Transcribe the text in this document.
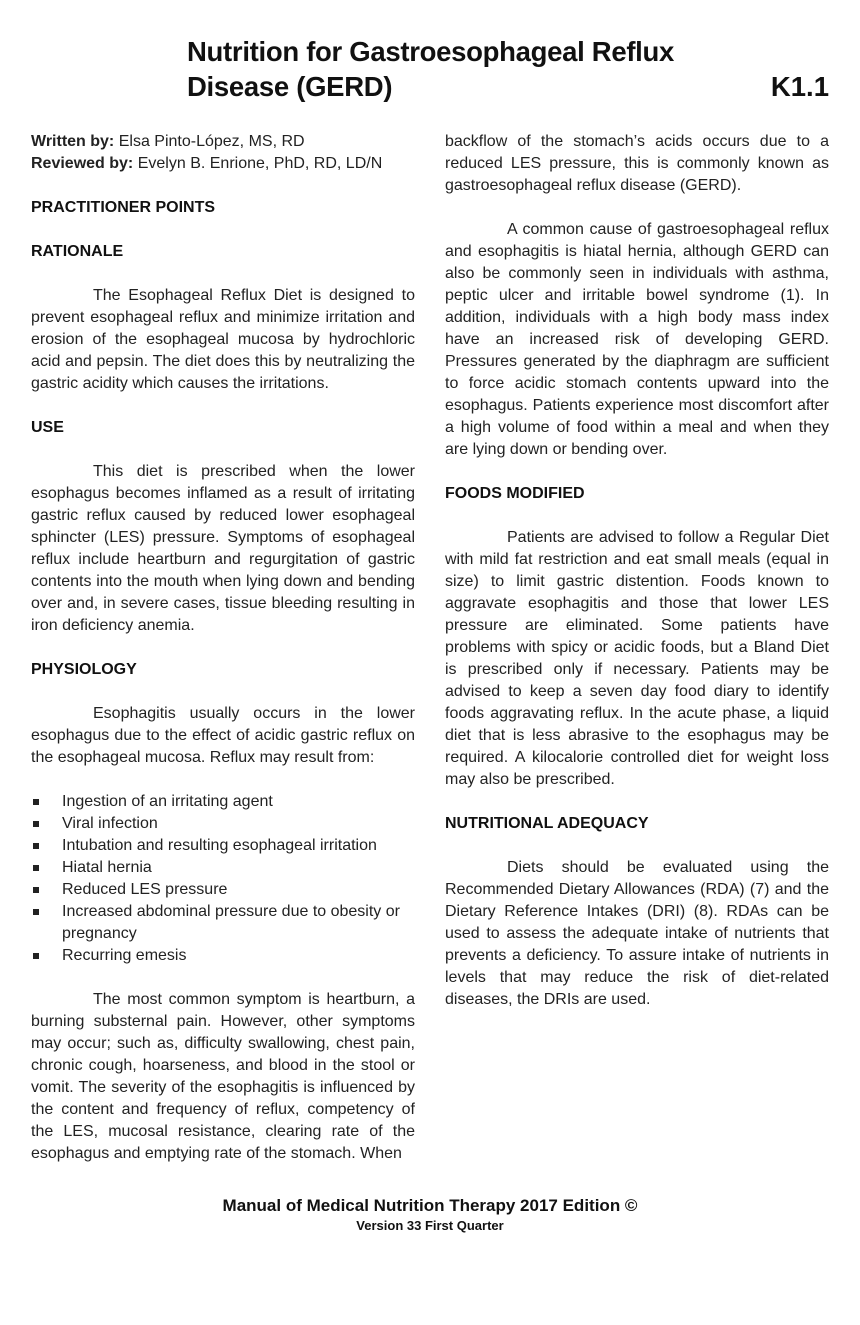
Nutrition for Gastroesophageal Reflux
Disease (GERD)	K1.1

Written by: Elsa Pinto-López, MS, RD

Reviewed by: Evelyn B. Enrione, PhD, RD, LD/N

PRACTITIONER POINTS
RATIONALE

The Esophageal Reflux Diet is designed to prevent esophageal reflux and minimize irritation and erosion of the esophageal mucosa by hydrochloric acid and pepsin. The diet does this by neutralizing the gastric acidity which causes the irritations.

USE

This diet is prescribed when the lower esophagus becomes inflamed as a result of irritating gastric reflux caused by reduced lower esophageal sphincter (LES) pressure. Symptoms of esophageal reflux include heartburn and regurgitation of gastric contents into the mouth when lying down and bending over and, in severe cases, tissue bleeding resulting in iron deficiency anemia.

PHYSIOLOGY

Esophagitis usually occurs in the lower esophagus due to the effect of acidic gastric reflux on the esophageal mucosa. Reflux may result from:

Ingestion of an irritating agent
Viral infection
Intubation and resulting esophageal irritation
Hiatal hernia
Reduced LES pressure
Increased abdominal pressure due to obesity or pregnancy
Recurring emesis

The most common symptom is heartburn, a burning substernal pain. However, other symptoms may occur; such as, difficulty swallowing, chest pain, chronic cough, hoarseness, and blood in the stool or vomit. The severity of the esophagitis is influenced by the content and frequency of reflux, competency of the LES, mucosal resistance, clearing rate of the esophagus and emptying rate of the stomach. When

backflow of the stomach’s acids occurs due to a reduced LES pressure, this is commonly known as gastroesophageal reflux disease (GERD).

A common cause of gastroesophageal reflux and esophagitis is hiatal hernia, although GERD can also be commonly seen in individuals with asthma, peptic ulcer and irritable bowel syndrome (1). In addition, individuals with a high body mass index have an increased risk of developing GERD. Pressures generated by the diaphragm are sufficient to force acidic stomach contents upward into the esophagus. Patients experience most discomfort after a high volume of food within a meal and when they are lying down or bending over.

FOODS MODIFIED

Patients are advised to follow a Regular Diet with mild fat restriction and eat small meals (equal in size) to limit gastric distention. Foods known to aggravate esophagitis and those that lower LES pressure are eliminated. Some patients have problems with spicy or acidic foods, but a Bland Diet is prescribed only if necessary. Patients may be advised to keep a seven day food diary to identify foods aggravating reflux. In the acute phase, a liquid diet that is less abrasive to the esophagus may be required. A kilocalorie controlled diet for weight loss may also be prescribed.

NUTRITIONAL ADEQUACY

Diets should be evaluated using the Recommended Dietary Allowances (RDA) (7) and the Dietary Reference Intakes (DRI) (8). RDAs can be used to assess the adequate intake of nutrients that prevents a deficiency. To assure intake of nutrients in levels that may reduce the risk of diet-related diseases, the DRIs are used.

Manual of Medical Nutrition Therapy 2017 Edition ©

Version 33 First Quarter
